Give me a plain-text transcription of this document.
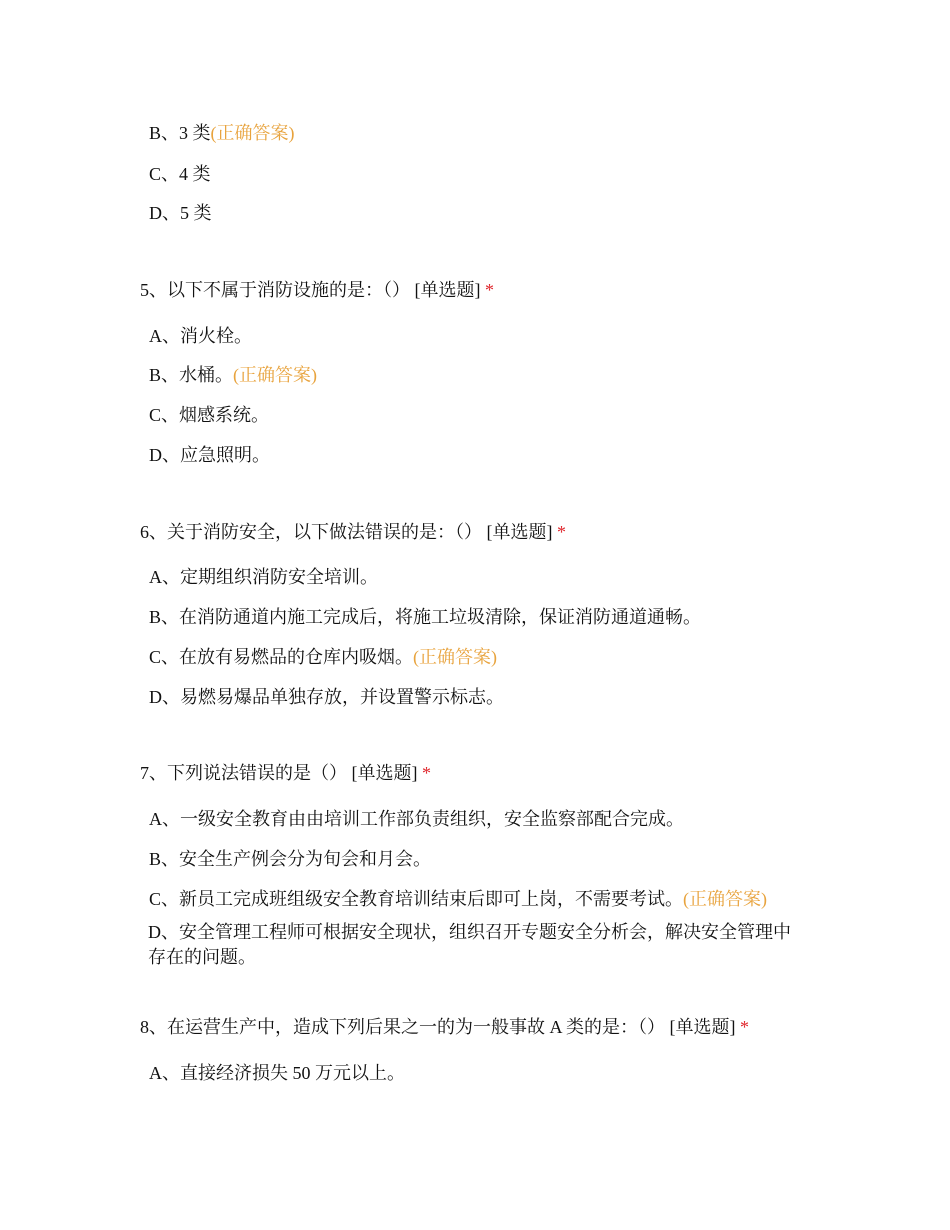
B、3 类(正确答案)
C、4 类
D、5 类
5、以下不属于消防设施的是：（） [单选题] *
A、消火栓。
B、水桶。(正确答案)
C、烟感系统。
D、应急照明。
6、关于消防安全，以下做法错误的是：（） [单选题] *
A、定期组织消防安全培训。
B、在消防通道内施工完成后，将施工垃圾清除，保证消防通道通畅。
C、在放有易燃品的仓库内吸烟。(正确答案)
D、易燃易爆品单独存放，并设置警示标志。
7、下列说法错误的是（） [单选题] *
A、一级安全教育由由培训工作部负责组织，安全监察部配合完成。
B、安全生产例会分为旬会和月会。
C、新员工完成班组级安全教育培训结束后即可上岗，不需要考试。(正确答案)
D、安全管理工程师可根据安全现状，组织召开专题安全分析会，解决安全管理中存在的问题。
8、在运营生产中，造成下列后果之一的为一般事故 A 类的是：（） [单选题] *
A、直接经济损失 50 万元以上。
